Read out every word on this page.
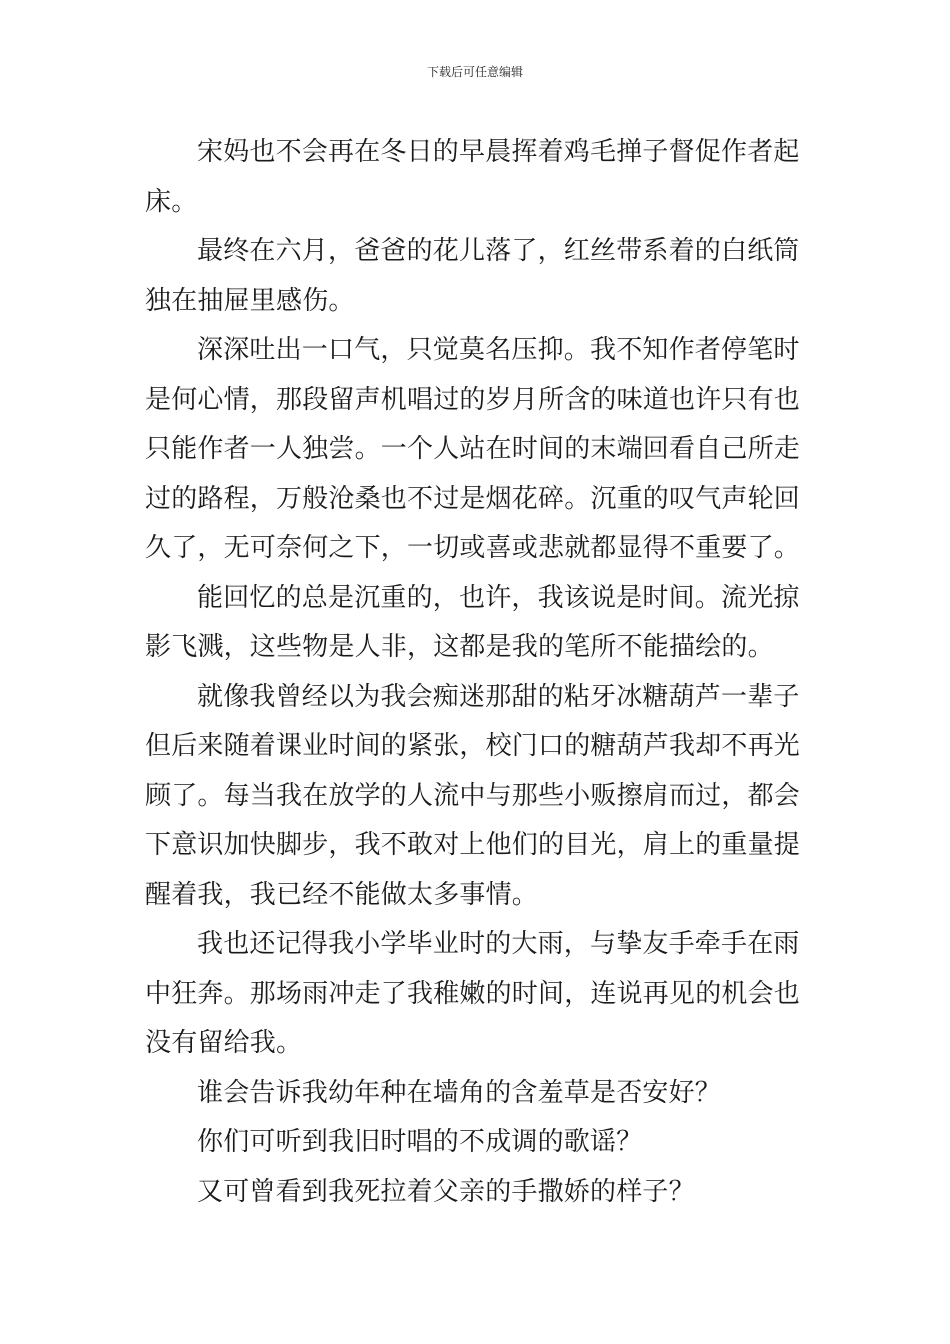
下载后可任意编辑

宋妈也不会再在冬日的早晨挥着鸡毛掸子督促作者起床。

最终在六月，爸爸的花儿落了，红丝带系着的白纸筒独在抽屉里感伤。

深深吐出一口气，只觉莫名压抑。我不知作者停笔时是何心情，那段留声机唱过的岁月所含的味道也许只有也只能作者一人独尝。一个人站在时间的末端回看自己所走过的路程，万般沧桑也不过是烟花碎。沉重的叹气声轮回久了，无可奈何之下，一切或喜或悲就都显得不重要了。

能回忆的总是沉重的，也许，我该说是时间。流光掠影飞溅，这些物是人非，这都是我的笔所不能描绘的。

就像我曾经以为我会痴迷那甜的粘牙冰糖葫芦一辈子但后来随着课业时间的紧张，校门口的糖葫芦我却不再光顾了。每当我在放学的人流中与那些小贩擦肩而过，都会下意识加快脚步，我不敢对上他们的目光，肩上的重量提醒着我，我已经不能做太多事情。

我也还记得我小学毕业时的大雨，与挚友手牵手在雨中狂奔。那场雨冲走了我稚嫩的时间，连说再见的机会也没有留给我。

谁会告诉我幼年种在墙角的含羞草是否安好？

你们可听到我旧时唱的不成调的歌谣？

又可曾看到我死拉着父亲的手撒娇的样子？
